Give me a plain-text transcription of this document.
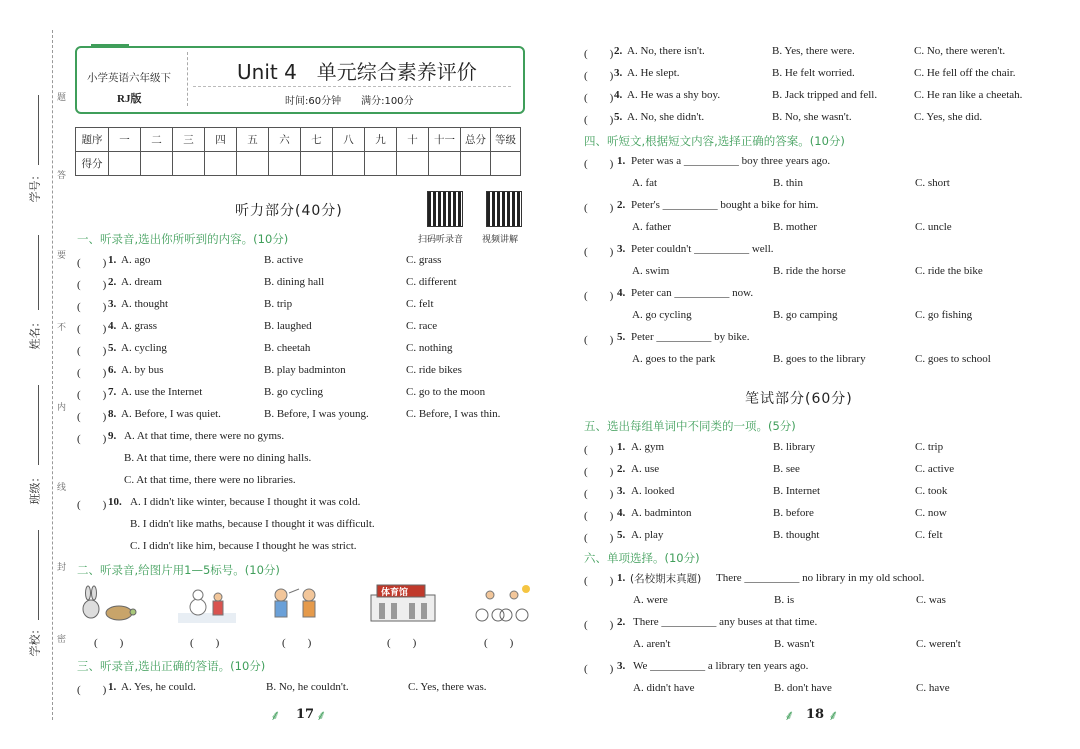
题
答
要
不
内
线
封
密
学号：
姓名：
班级：
学校：
小学英语六年级下
RJ版
Unit 4　单元综合素养评价
时间:60分钟　　满分:100分
题序	一	二	三	四	五	六	七	八	九	十	十一	总分	等级
得分													
听力部分(40分)
扫码听录音 视频讲解
一、听录音,选出你所听到的内容。(10分)
(　　) 1. A. ago	B. active	C. grass
(　　) 2. A. dream	B. dining hall	C. different
(　　) 3. A. thought	B. trip	C. felt
(　　) 4. A. grass	B. laughed	C. race
(　　) 5. A. cycling	B. cheetah	C. nothing
(　　) 6. A. by bus	B. play badminton	C. ride bikes
(　　) 7. A. use the Internet	B. go cycling	C. go to the moon
(　　) 8. A. Before, I was quiet.	B. Before, I was young.	C. Before, I was thin.
(　　) 9. A. At that time, there were no gyms.
B. At that time, there were no dining halls.
C. At that time, there were no libraries.
(　　) 10. A. I didn't like winter, because I thought it was cold.
B. I didn't like maths, because I thought it was difficult.
C. I didn't like him, because I thought he was strict.
二、听录音,给图片用1—5标号。(10分)
体育馆
(　　)	(　　)	(　　)	(　　)	(　　)
三、听录音,选出正确的答语。(10分)
(　　) 1. A. Yes, he could.	B. No, he couldn't.	C. Yes, there was.
⸙ 17 ⸙
(　　) 2. A. No, there isn't.	B. Yes, there were.	C. No, there weren't.
(　　) 3. A. He slept.	B. He felt worried.	C. He fell off the chair.
(　　) 4. A. He was a shy boy.	B. Jack tripped and fell.	C. He ran like a cheetah.
(　　) 5. A. No, she didn't.	B. No, she wasn't.	C. Yes, she did.
四、听短文,根据短文内容,选择正确的答案。(10分)
(　　) 1. Peter was a __________ boy three years ago.
A. fat	B. thin	C. short
(　　) 2. Peter's __________ bought a bike for him.
A. father	B. mother	C. uncle
(　　) 3. Peter couldn't __________ well.
A. swim	B. ride the horse	C. ride the bike
(　　) 4. Peter can __________ now.
A. go cycling	B. go camping	C. go fishing
(　　) 5. Peter __________ by bike.
A. goes to the park	B. goes to the library	C. goes to school
笔试部分(60分)
五、选出每组单词中不同类的一项。(5分)
(　　) 1. A. gym	B. library	C. trip
(　　) 2. A. use	B. see	C. active
(　　) 3. A. looked	B. Internet	C. took
(　　) 4. A. badminton	B. before	C. now
(　　) 5. A. play	B. thought	C. felt
六、单项选择。(10分)
(　　) 1. (名校期末真题) There __________ no library in my old school.
A. were	B. is	C. was
(　　) 2. There __________ any buses at that time.
A. aren't	B. wasn't	C. weren't
(　　) 3. We __________ a library ten years ago.
A. didn't have	B. don't have	C. have
⸙ 18 ⸙
